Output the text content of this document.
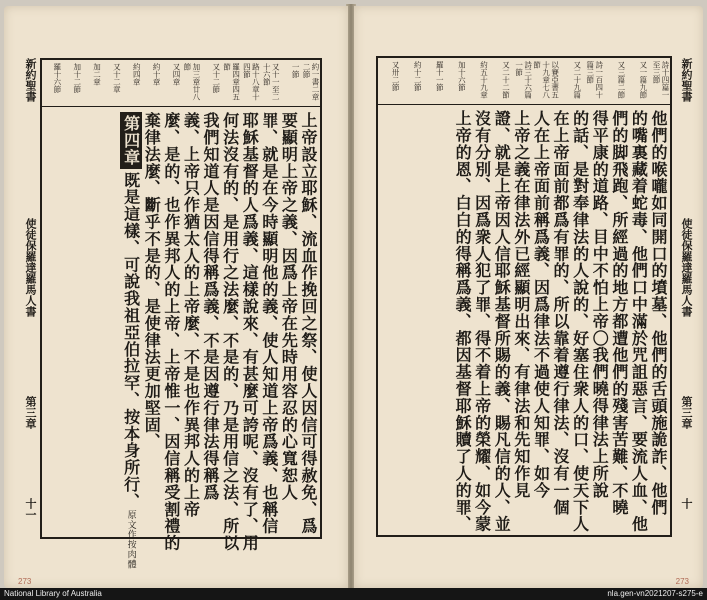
新約聖書
使徒保羅達羅馬人書
第三章
十一
約一書二章二節
一節
又十一至二十六節
路十八章十四節
羅四章四五節
又十二節
加三章廿八節
又四章
約十章
約四章
又十二章
加二章
加十二節
羅十六節
上帝設立耶穌、流血作挽回之祭、使人因信可得赦免、爲
要顯明上帝之義、因爲上帝在先時用容忍的心寬恕人
罪、就是在今時顯明他的義、使人知道上帝爲義、也稱信
耶穌基督的人爲義、這樣說來、有甚麼可誇呢、沒有了、用
何法沒有的、是用行之法麼、不是的、乃是用信之法、所以
我們知道人是因信得稱爲義、不是因遵行律法得稱爲
義、上帝只作猶太人的上帝麼、不是也作異邦人的上帝
麼、是的、也作異邦人的上帝、上帝惟一、因信稱受割禮的
棄律法麼、斷乎不是的、是使律法更加堅固、
第四章既是這樣、可說我祖亞伯拉罕、按本身所行、原文作按肉體
新約聖書
使徒保羅達羅馬人書
第三章
十
詩十四篇一至三節
又一篇九節
又三篇二節
詩一百四十篇三節
又二十九篇
以賽亞書五十九章七八節
詩三十六篇一節
又二十二節
約五十九章
加十六節
羅十一節
約十二節
又卅二節
他們的喉嚨如同開口的墳墓、他們的舌頭施詭詐、他們
的嘴裏藏着蛇毒、他們口中滿於咒詛惡言、要流人血、他
們的脚飛跑、所經過的地方都遭他們的殘害苦難、不曉
得平康的道路、目中不怕上帝〇我們曉得律法上所說
的話、是對奉律法的人說的、好塞住衆人的口、使天下人
在上帝面前都爲有罪的、所以靠着遵行律法、沒有一個
人在上帝面前稱爲義、因爲律法不過使人知罪、如今
上帝之義在律法外已經顯明出來、有律法和先知作見
證、就是上帝因人信耶穌基督所賜的義、賜凡信的人、並
沒有分別、因爲衆人犯了罪、得不着上帝的榮耀、如今蒙
上帝的恩、白白的得稱爲義、都因基督耶穌贖了人的罪、
273	273
National Library of Australia	nla.gen-vn2021207-s275-e
